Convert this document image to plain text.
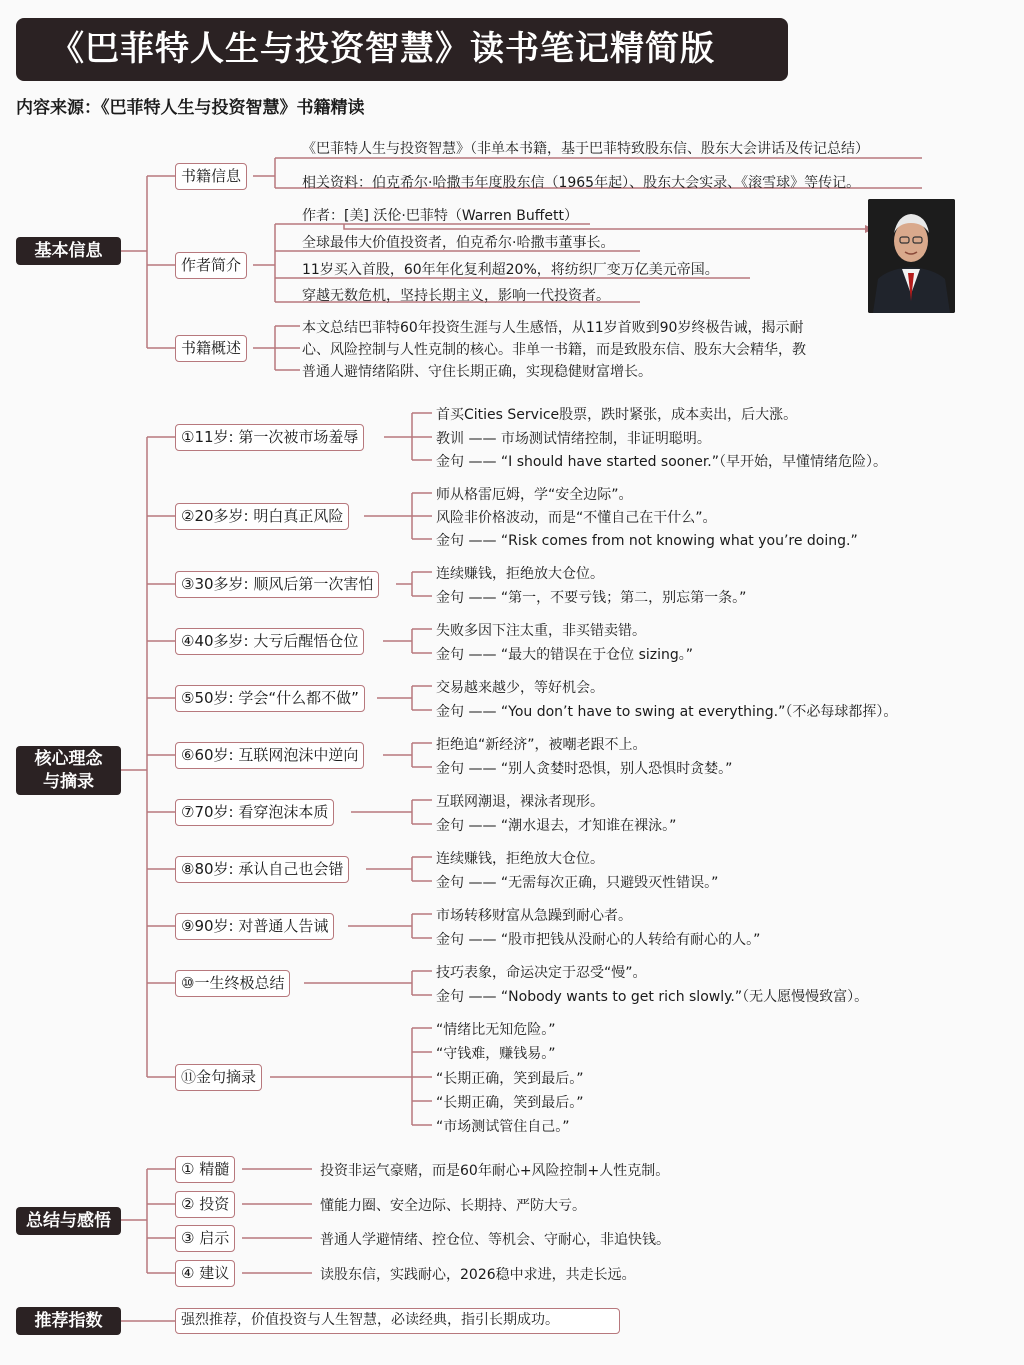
《巴菲特人生与投资智慧》读书笔记精简版
内容来源：《巴菲特人生与投资智慧》书籍精读
基本信息
书籍信息
《巴菲特人生与投资智慧》（非单本书籍，基于巴菲特致股东信、股东大会讲话及传记总结）
相关资料：伯克希尔·哈撒韦年度股东信（1965年起）、股东大会实录、《滚雪球》等传记。
作者简介
作者：[美] 沃伦·巴菲特（Warren Buffett）
全球最伟大价值投资者，伯克希尔·哈撒韦董事长。
11岁买入首股，60年年化复利超20%，将纺织厂变万亿美元帝国。
穿越无数危机，坚持长期主义，影响一代投资者。
书籍概述
本文总结巴菲特60年投资生涯与人生感悟，从11岁首败到90岁终极告诫，揭示耐
心、风险控制与人性克制的核心。非单一书籍，而是致股东信、股东大会精华，教
普通人避情绪陷阱、守住长期正确，实现稳健财富增长。
核心理念
与摘录
①11岁: 第一次被市场羞辱
首买Cities Service股票，跌时紧张，成本卖出，后大涨。
教训 —— 市场测试情绪控制，非证明聪明。
金句 —— “I should have started sooner.”（早开始，早懂情绪危险）。
②20多岁: 明白真正风险
师从格雷厄姆，学“安全边际”。
风险非价格波动，而是“不懂自己在干什么”。
金句 —— “Risk comes from not knowing what you’re doing.”
③30多岁: 顺风后第一次害怕
连续赚钱，拒绝放大仓位。
金句 —— “第一，不要亏钱；第二，别忘第一条。”
④40多岁: 大亏后醒悟仓位
失败多因下注太重，非买错卖错。
金句 —— “最大的错误在于仓位 sizing。”
⑤50岁: 学会“什么都不做”
交易越来越少，等好机会。
金句 —— “You don’t have to swing at everything.”（不必每球都挥）。
⑥60岁: 互联网泡沫中逆向
拒绝追“新经济”，被嘲老跟不上。
金句 —— “别人贪婪时恐惧，别人恐惧时贪婪。”
⑦70岁: 看穿泡沫本质
互联网潮退，裸泳者现形。
金句 —— “潮水退去，才知谁在裸泳。”
⑧80岁: 承认自己也会错
连续赚钱，拒绝放大仓位。
金句 —— “无需每次正确，只避毁灭性错误。”
⑨90岁: 对普通人告诫
市场转移财富从急躁到耐心者。
金句 —— “股市把钱从没耐心的人转给有耐心的人。”
⑩一生终极总结
技巧表象，命运决定于忍受“慢”。
金句 —— “Nobody wants to get rich slowly.”（无人愿慢慢致富）。
⑪金句摘录
“情绪比无知危险。”
“守钱难，赚钱易。”
“长期正确，笑到最后。”
“长期正确，笑到最后。”
“市场测试管住自己。”
总结与感悟
① 精髓	投资非运气豪赌，而是60年耐心+风险控制+人性克制。
② 投资	懂能力圈、安全边际、长期持、严防大亏。
③ 启示	普通人学避情绪、控仓位、等机会、守耐心，非追快钱。
④ 建议	读股东信，实践耐心，2026稳中求进，共走长远。
推荐指数	强烈推荐，价值投资与人生智慧，必读经典，指引长期成功。
